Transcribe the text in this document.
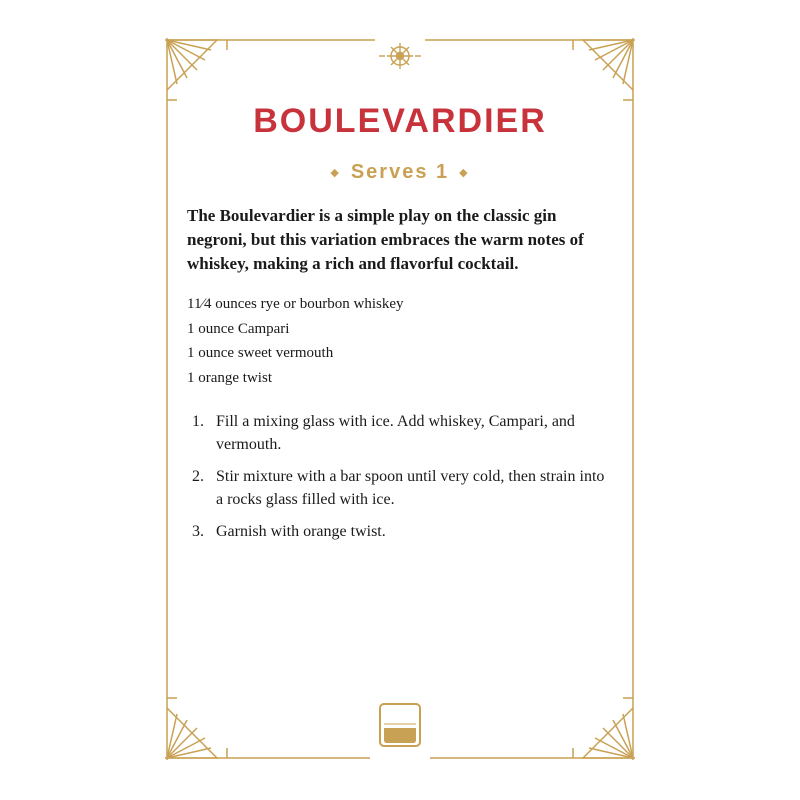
BOULEVARDIER
◆ Serves 1 ◆

The Boulevardier is a simple play on the classic gin negroni, but this variation embraces the warm notes of whiskey, making a rich and flavorful cocktail.

11⁄4 ounces rye or bourbon whiskey
1 ounce Campari
1 ounce sweet vermouth
1 orange twist
1. Fill a mixing glass with ice. Add whiskey, Campari, and vermouth.
2. Stir mixture with a bar spoon until very cold, then strain into a rocks glass filled with ice.
3. Garnish with orange twist.
